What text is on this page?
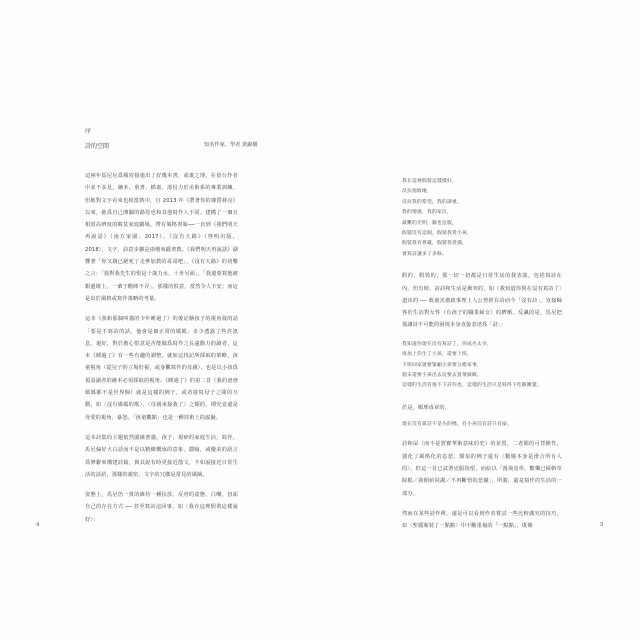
序
詩的空間	知名作家、學者 黃錦樹

這兩年馬尼尼爲頻密接連出了好幾本書，或畫之理，在留台作者中並不多見。繪本、童書、插畫、部份力於美術系的專業訓練。但她對文字看來也相當熱中，自 2013 年《帶著你的雜質發亮》以來，她爲自己開闢的路徑也和其他寫作人不同。建構了一個且相當高辨度的晦莫家庭劇場，帶有鳩格書味──一直到《我們明天再說話》（南方家園，2017）、《沒有大路》（啓明出版，2018），文字、詩意步擴是兩慢來鍛書教。《我們明天再說話》湖響著「你又親已絕死了走參加教的哥哥吧」，《沒有大路》的切鑿之言：「我對我先生的恨是十歲力水，十卅另面」，「我還要寫他被銀邊壞上，一輩子勸陣不弄」。那樣的恨意，當然令人不安；而這是出於風格或寫作策略的考量。

這本《我和那個叫貓的少年睡過了》的後記稱孩子的視角敘的話「要是不寫詩的話，他會是個正常的媽媽」多少透露了些許訊息。還好，對於擔心恨意是否能做爲寫作之長遠動力的讀者，這本《睡過了》有一些有趣的調整。就如這找記所採取的策略，孩童視角（從兒子的立場但視，或身觀寫作的母親），也是以小孩爲預設讀者的繪本必須採取的視角。《睡過了》的第二首（我的爸爸媽媽都不是世界個）就是這樣的例子，或者接寫母子之間的互動，如〈沒有媽媽的歌〉、〈母親來接我了〉之類的，期究竟還是母愛的視角，暴怒、「孩童觀點」也是一種技術上的虛擬。

這本詩集的主題依然圍繞著貓，孩子、現碎的家庭生活，寫作。馬尼偏好大白話而不是以精緻概琢的意象、隱喻，或優美的語言爲修辭來構建詩篇，與其說有時更接近散文，不如說接近日常生活的話語，那樣的親密，文字的冗繳是常見的風險。

姿態上，馬尼仍一貫的維持一種抗放、反骨的姿態，白嘲，扭面自己的存在方式 ── 甚至寫詩這回事，如〈我在這裡假裝這樣說好〉：

4

我在這裡假裝這樣撲好，

反抗他敗壞，

反抗我的希望，我的謬重，

我的情感，我的家臣，

最難的光明，躍也征服，

假裝沒有這個，假裝我愛小孩，

假裝我有尊嚴，假裝我愛貓，

會寫詩讓多了多餘。

假的，假裝的，那一切一切都是日常生活的我表演，包括寫詩在內。但有時，詩詩和生活是衝突的，如〈我知道你現在沒有寫詩了〉道出的 ── 救過害慮政事理上人公曾經有詩而今「沒有詩」，直接歸咎於生活對女性（有孩子的職業婦女）的擠壓。反諷的是，馬尼把那讓詩不可能的困境本身直接表述爲「詩」：

我知道你現在沒有寫詩了，你成名太早，

再加上你生了小孩，還要上班，

下班回家就要緊顧小孩要分擔家事，

週末還要小孩出去玩要去買菜做飯。

這樣的生活有很不下詩你也，這樣的生活只是寫得下吃飯睡覺。

於是，順理成章的。

現在沒有靠詩不是失的嗎，有小孩沒有詩只有屎。

詩和屎（而不是賈寶華術意味的史）的並置，二者間的可替換性，強化了風格化的恣怒，類似的例子還有〈數燒本身是滑合所有人的〉，但這一首已試著克服指恨，而給以「漫飛竟率，歡樂已綏斬草除根／我開始同謝／不再斷悟的悲鐘」，所謂，還是寫作的生活的一部分。

然而在某些詩作裡，還是可以看到作者嘗試一些比較講究的技巧，如〈聖麗瓶裝了一點點〉中不斷重複的「一點點」，既像	5
